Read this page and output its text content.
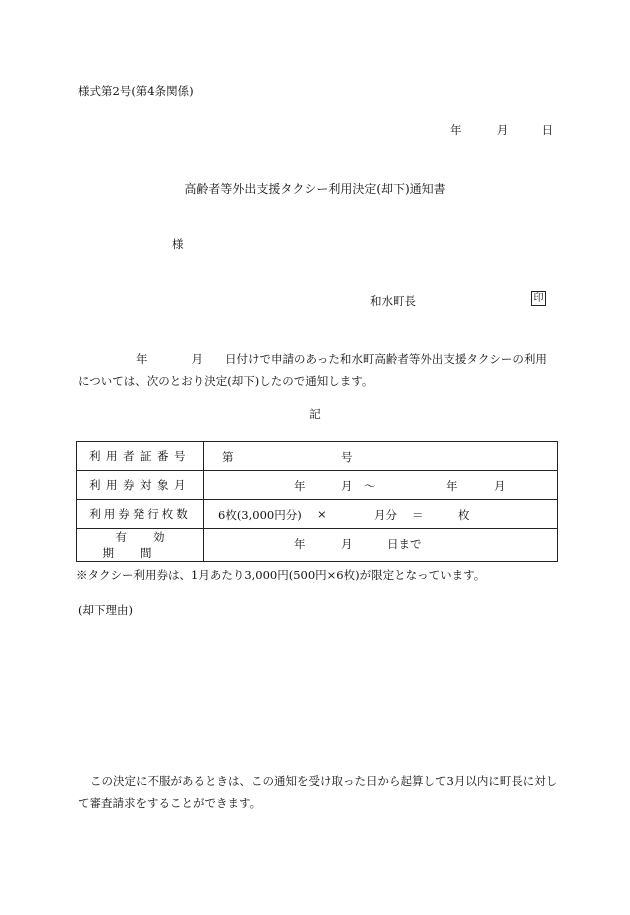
様式第2号(第4条関係)
年	月	日
高齢者等外出支援タクシー利用決定(却下)通知書
様
和水町長	印
年	月 日付けで申請のあった和水町高齢者等外出支援タクシーの利用については、次のとおり決定(却下)したので通知します。
記
利用者証番号	第 号

利用券対象月	年 月 ～ 年 月

利用券発行枚数	6枚(3,000円分) × 月分 ＝ 枚

有効期間	年 月 日まで
※タクシー利用券は、1月あたり3,000円(500円×6枚)が限定となっています。
(却下理由)
この決定に不服があるときは、この通知を受け取った日から起算して3月以内に町長に対して審査請求をすることができます。
